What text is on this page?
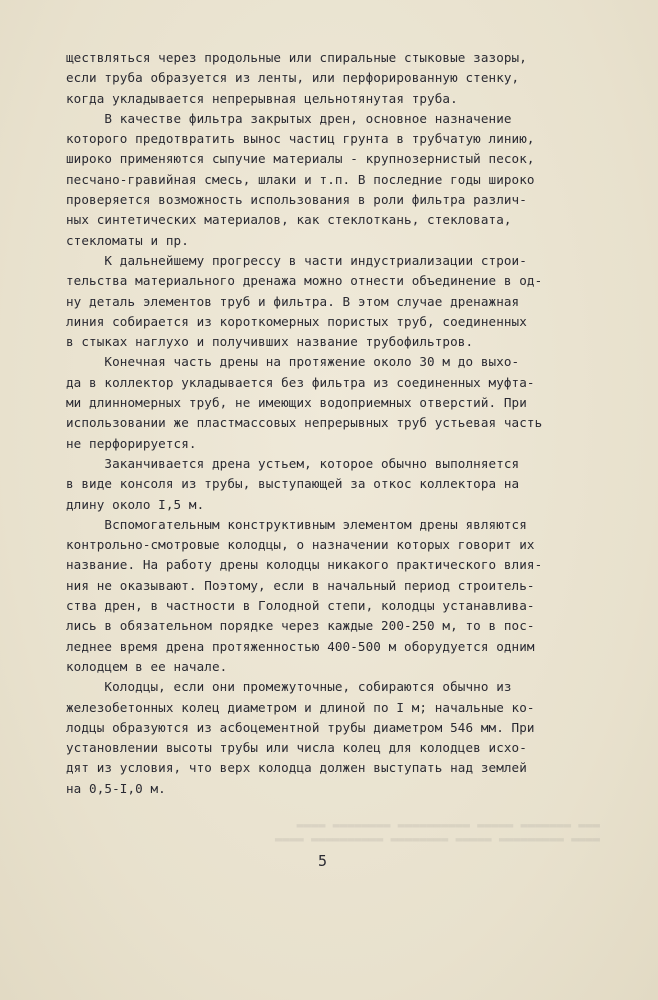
▬▬▬ ▬▬▬▬▬▬▬ ▬▬▬▬▬ ▬▬▬▬▬▬▬▬▬▬ ▬▬▬▬▬▬▬▬ ▬▬▬▬
▬▬▬▬ ▬▬▬▬▬▬▬▬▬ ▬▬▬▬▬ ▬▬▬▬▬▬▬▬ ▬▬▬▬▬▬▬▬▬▬ ▬▬▬▬
ществляться через продольные или спиральные стыковые зазоры,
если труба образуется из ленты, или перфорированную стенку,
когда укладывается непрерывная цельнотянутая труба.
В качестве фильтра закрытых дрен, основное назначение
которого предотвратить вынос частиц грунта в трубчатую линию,
широко применяются сыпучие материалы - крупнозернистый песок,
песчано-гравийная смесь, шлаки и т.п. В последние годы широко
проверяется возможность использования в роли фильтра различ-
ных синтетических материалов, как стеклоткань, стекловата,
стекломаты и пр.
К дальнейшему прогрессу в части индустриализации строи-
тельства материального дренажа можно отнести объединение в од-
ну деталь элементов труб и фильтра. В этом случае дренажная
линия собирается из короткомерных пористых труб, соединенных
в стыках наглухо и получивших название трубофильтров.
Конечная часть дрены на протяжение около 30 м до выхо-
да в коллектор укладывается без фильтра из соединенных муфта-
ми длинномерных труб, не имеющих водоприемных отверстий. При
использовании же пластмассовых непрерывных труб устьевая часть
не перфорируется.
Заканчивается дрена устьем, которое обычно выполняется
в виде консоля из трубы, выступающей за откос коллектора на
длину около I,5 м.
Вспомогательным конструктивным элементом дрены являются
контрольно-смотровые колодцы, о назначении которых говорит их
название. На работу дрены колодцы никакого практического влия-
ния не оказывают. Поэтому, если в начальный период строитель-
ства дрен, в частности в Голодной степи, колодцы устанавлива-
лись в обязательном порядке через каждые 200-250 м, то в пос-
леднее время дрена протяженностью 400-500 м оборудуется одним
колодцем в ее начале.
Колодцы, если они промежуточные, собираются обычно из
железобетонных колец диаметром и длиной по I м; начальные ко-
лодцы образуются из асбоцементной трубы диаметром 546 мм. При
установлении высоты трубы или числа колец для колодцев исхо-
дят из условия, что верх колодца должен выступать над землей
на 0,5-I,0 м.
5
